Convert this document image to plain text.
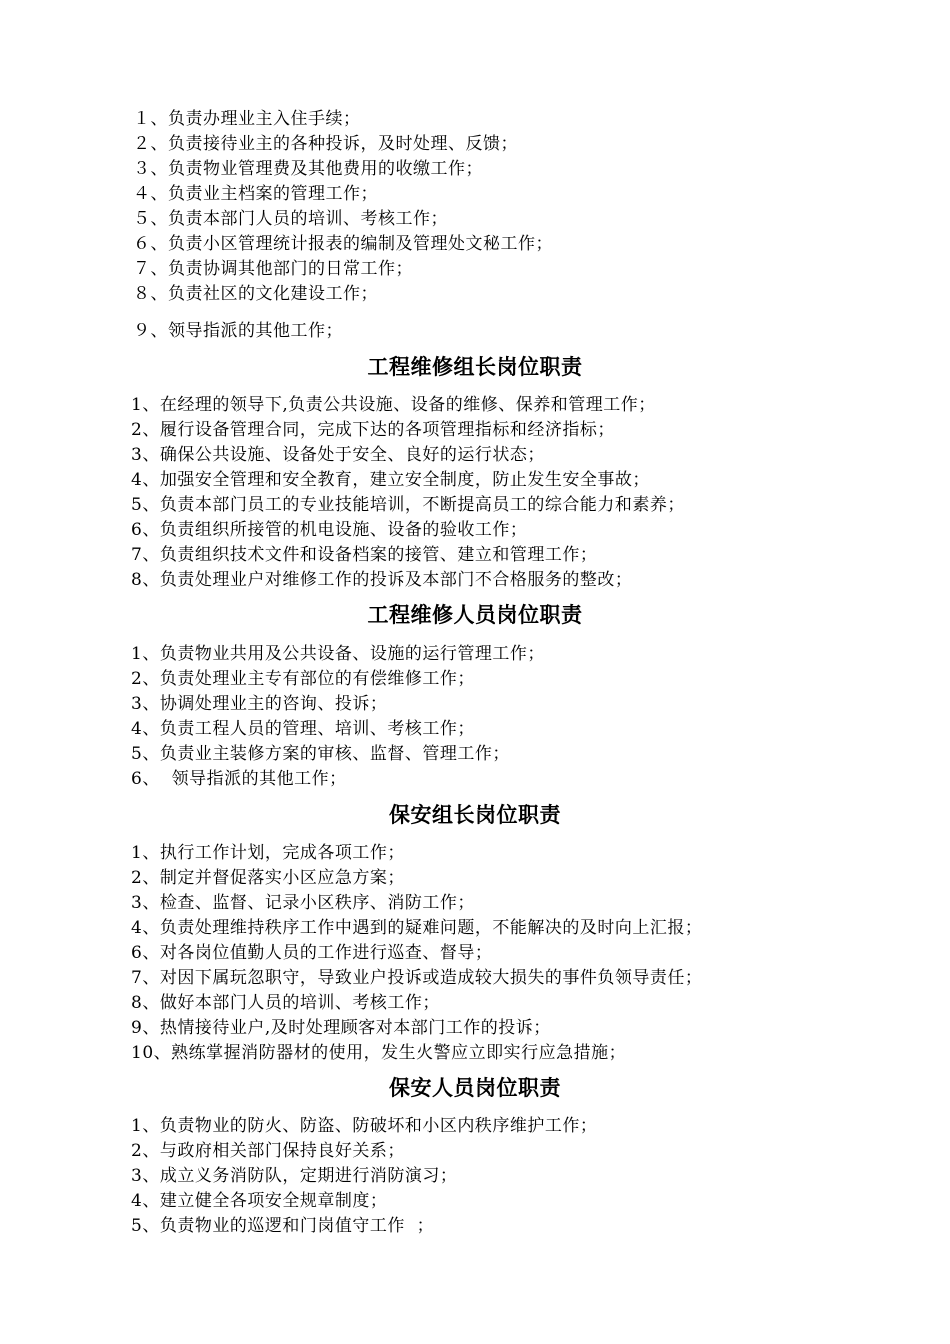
１、负责办理业主入住手续；
２、负责接待业主的各种投诉，及时处理、反馈；
３、负责物业管理费及其他费用的收缴工作；
４、负责业主档案的管理工作；
５、负责本部门人员的培训、考核工作；
６、负责小区管理统计报表的编制及管理处文秘工作；
７、负责协调其他部门的日常工作；
８、负责社区的文化建设工作；
９、领导指派的其他工作；
工程维修组长岗位职责
1、在经理的领导下,负责公共设施、设备的维修、保养和管理工作；
2、履行设备管理合同，完成下达的各项管理指标和经济指标；
3、确保公共设施、设备处于安全、良好的运行状态；
4、加强安全管理和安全教育，建立安全制度，防止发生安全事故；
5、负责本部门员工的专业技能培训，不断提高员工的综合能力和素养；
6、负责组织所接管的机电设施、设备的验收工作；
7、负责组织技术文件和设备档案的接管、建立和管理工作；
8、负责处理业户对维修工作的投诉及本部门不合格服务的整改；
工程维修人员岗位职责
1、负责物业共用及公共设备、设施的运行管理工作；
2、负责处理业主专有部位的有偿维修工作；
3、协调处理业主的咨询、投诉；
4、负责工程人员的管理、培训、考核工作；
5、负责业主装修方案的审核、监督、管理工作；
6、  领导指派的其他工作；
保安组长岗位职责
1、执行工作计划，完成各项工作；
2、制定并督促落实小区应急方案；
3、检查、监督、记录小区秩序、消防工作；
4、负责处理维持秩序工作中遇到的疑难问题，不能解决的及时向上汇报；
6、对各岗位值勤人员的工作进行巡查、督导；
7、对因下属玩忽职守，导致业户投诉或造成较大损失的事件负领导责任；
8、做好本部门人员的培训、考核工作；
9、热情接待业户,及时处理顾客对本部门工作的投诉；
10、熟练掌握消防器材的使用，发生火警应立即实行应急措施；
保安人员岗位职责
1、负责物业的防火、防盗、防破坏和小区内秩序维护工作；
2、与政府相关部门保持良好关系；
3、成立义务消防队，定期进行消防演习；
4、建立健全各项安全规章制度；
5、负责物业的巡逻和门岗值守工作  ；
